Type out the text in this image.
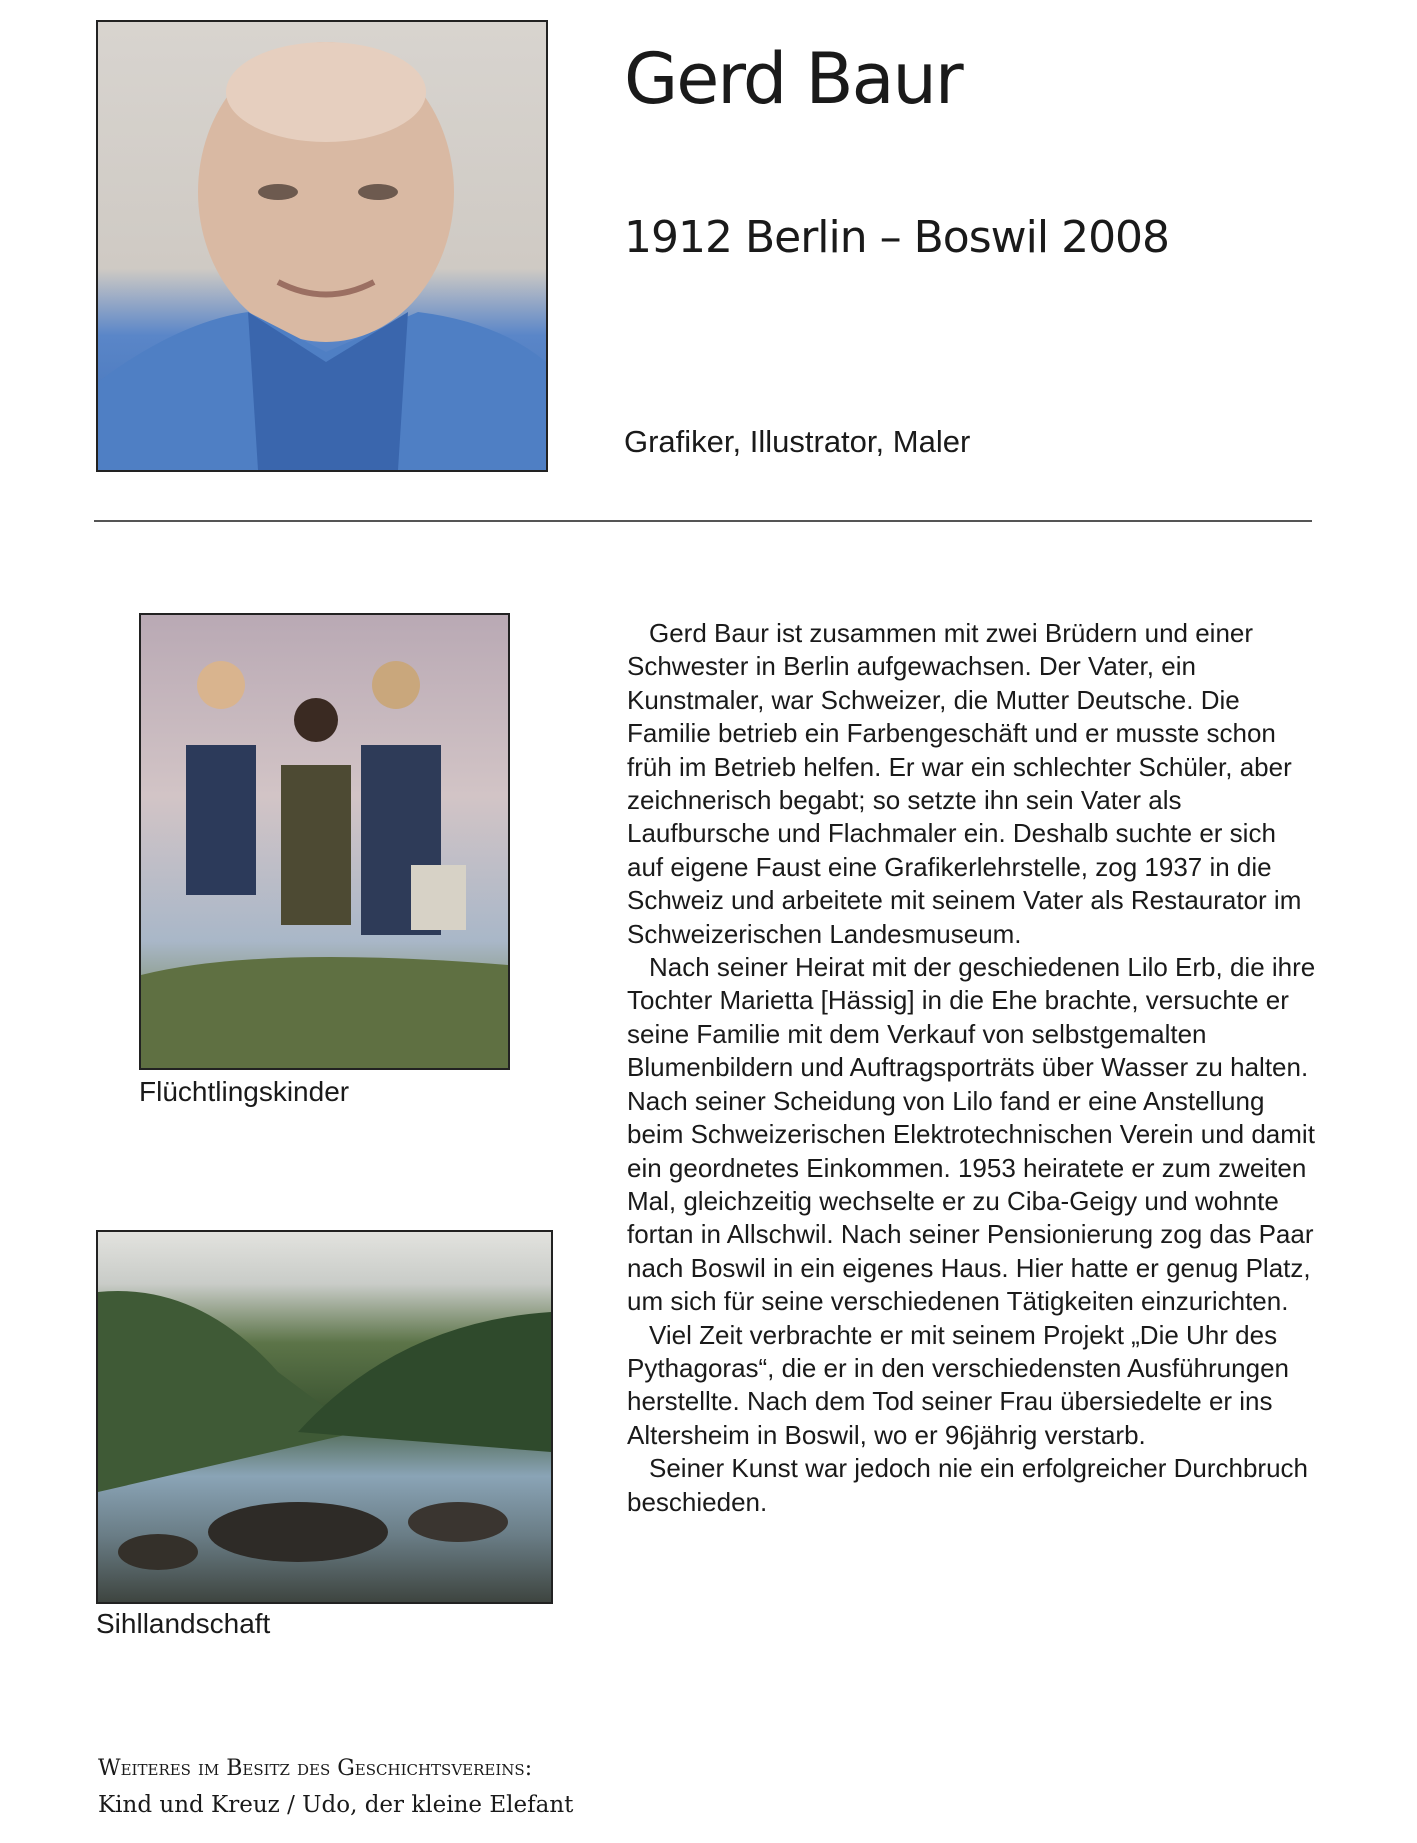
Gerd Baur
1912 Berlin – Boswil 2008
Grafiker, Illustrator, Maler
Flüchtlingskinder
Sihllandschaft

Gerd Baur ist zusammen mit zwei Brüdern und einer Schwester in Berlin aufgewachsen. Der Vater, ein Kunstmaler, war Schweizer, die Mutter Deutsche. Die Familie betrieb ein Farbengeschäft und er musste schon früh im Betrieb helfen. Er war ein schlechter Schüler, aber zeichnerisch begabt; so setzte ihn sein Vater als Laufbursche und Flachmaler ein. Deshalb suchte er sich auf eigene Faust eine Grafikerlehrstelle, zog 1937 in die Schweiz und arbeitete mit seinem Vater als Restaurator im Schweizerischen Landesmuseum.

Nach seiner Heirat mit der geschiedenen Lilo Erb, die ihre Tochter Marietta [Hässig] in die Ehe brachte, versuchte er seine Familie mit dem Verkauf von selbstgemalten Blumenbildern und Auftragsporträts über Wasser zu halten. Nach seiner Scheidung von Lilo fand er eine Anstellung beim Schweizerischen Elektrotechnischen Verein und damit ein geordnetes Einkommen. 1953 heiratete er zum zweiten Mal, gleichzeitig wechselte er zu Ciba-Geigy und wohnte fortan in Allschwil. Nach seiner Pensionierung zog das Paar nach Boswil in ein eigenes Haus. Hier hatte er genug Platz, um sich für seine verschiedenen Tätigkeiten einzurichten.

Viel Zeit verbrachte er mit seinem Projekt „Die Uhr des Pythagoras“, die er in den verschiedensten Ausführungen herstellte. Nach dem Tod seiner Frau übersiedelte er ins Altersheim in Boswil, wo er 96jährig verstarb.

Seiner Kunst war jedoch nie ein erfolgreicher Durchbruch beschieden.

Weiteres im Besitz des Geschichtsvereins:
Kind und Kreuz / Udo, der kleine Elefant
